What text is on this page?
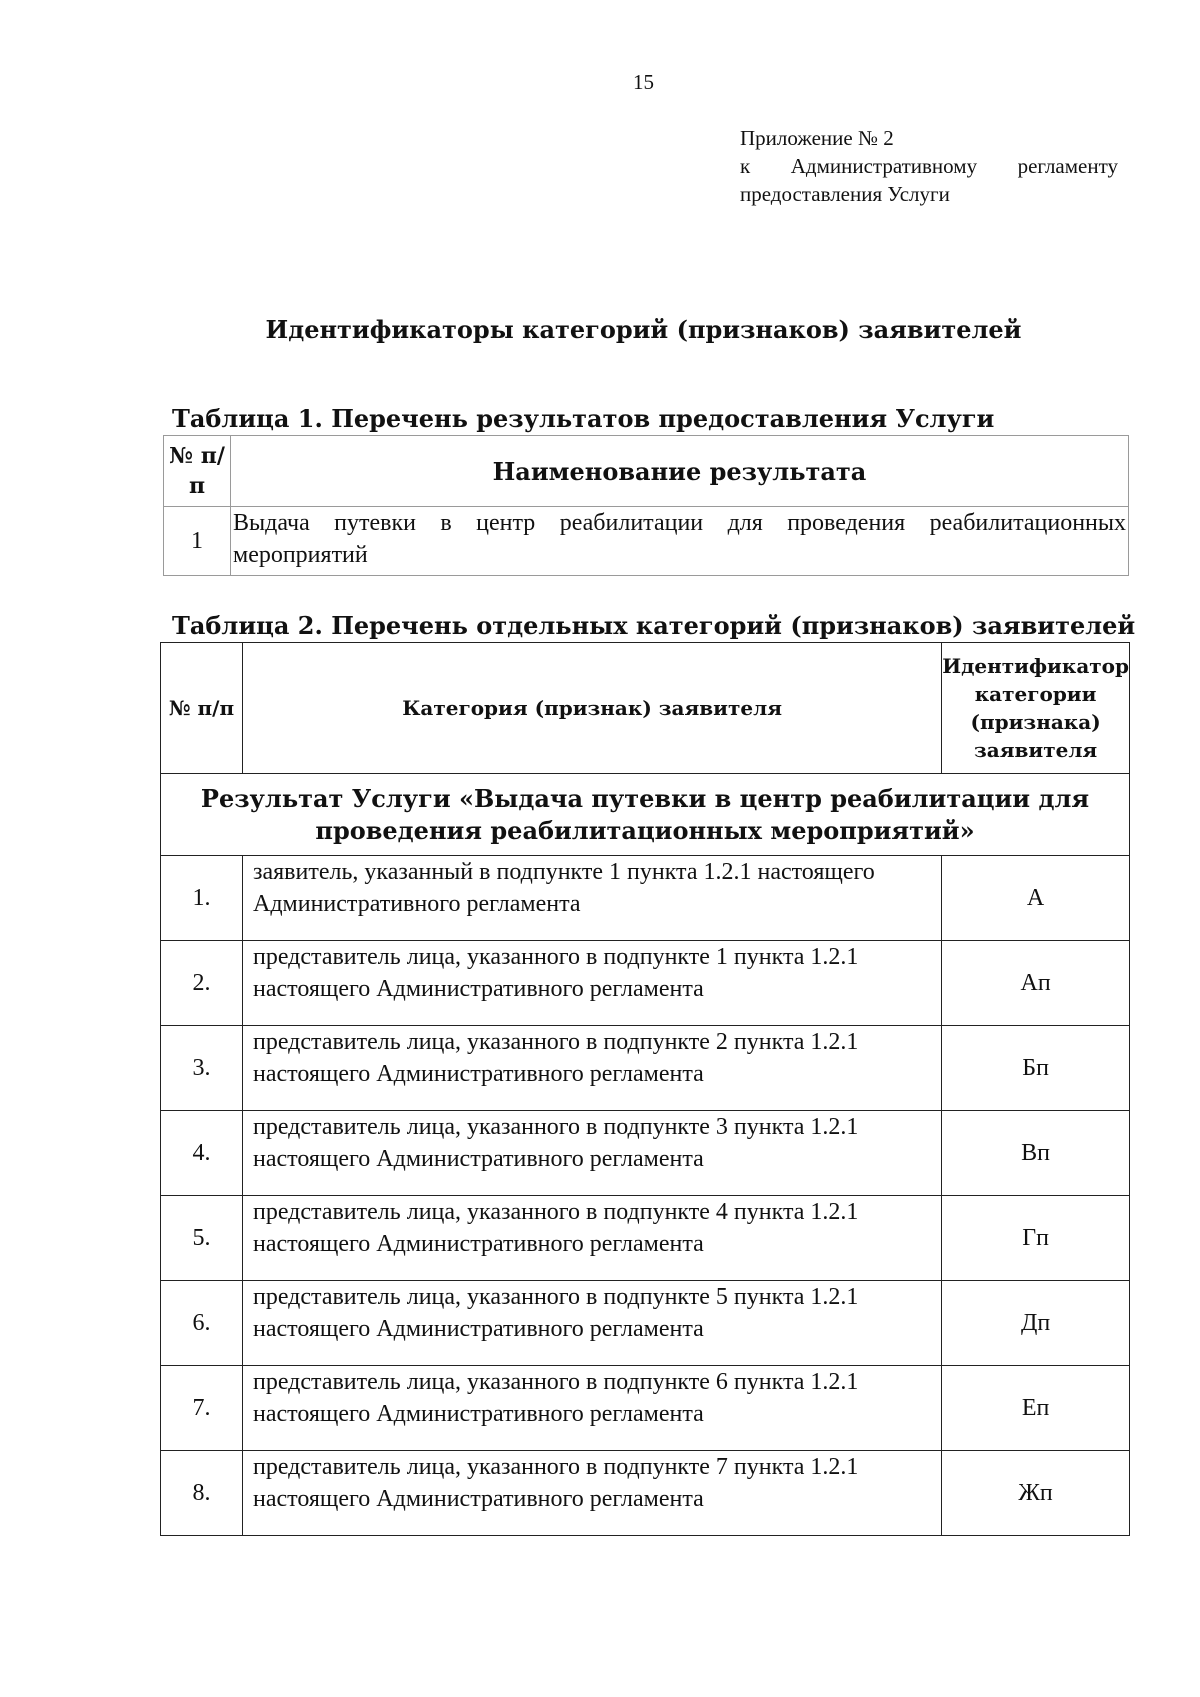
15
Приложение № 2
к Административному регламенту
предоставления Услуги
Идентификаторы категорий (признаков) заявителей
Таблица 1. Перечень результатов предоставления Услуги
№ п/п	Наименование результата
1	Выдача путевки в центр реабилитации для проведения реабилитационных мероприятий
Таблица 2. Перечень отдельных категорий (признаков) заявителей
№ п/п	Категория (признак) заявителя	Идентификатор категории (признака) заявителя
Результат Услуги «Выдача путевки в центр реабилитации для проведения реабилитационных мероприятий»		
1.	заявитель, указанный в подпункте 1 пункта 1.2.1 настоящего Административного регламента	А
2.	представитель лица, указанного в подпункте 1 пункта 1.2.1 настоящего Административного регламента	Ап
3.	представитель лица, указанного в подпункте 2 пункта 1.2.1 настоящего Административного регламента	Бп
4.	представитель лица, указанного в подпункте 3 пункта 1.2.1 настоящего Административного регламента	Вп
5.	представитель лица, указанного в подпункте 4 пункта 1.2.1 настоящего Административного регламента	Гп
6.	представитель лица, указанного в подпункте 5 пункта 1.2.1 настоящего Административного регламента	Дп
7.	представитель лица, указанного в подпункте 6 пункта 1.2.1 настоящего Административного регламента	Еп
8.	представитель лица, указанного в подпункте 7 пункта 1.2.1 настоящего Административного регламента	Жп
